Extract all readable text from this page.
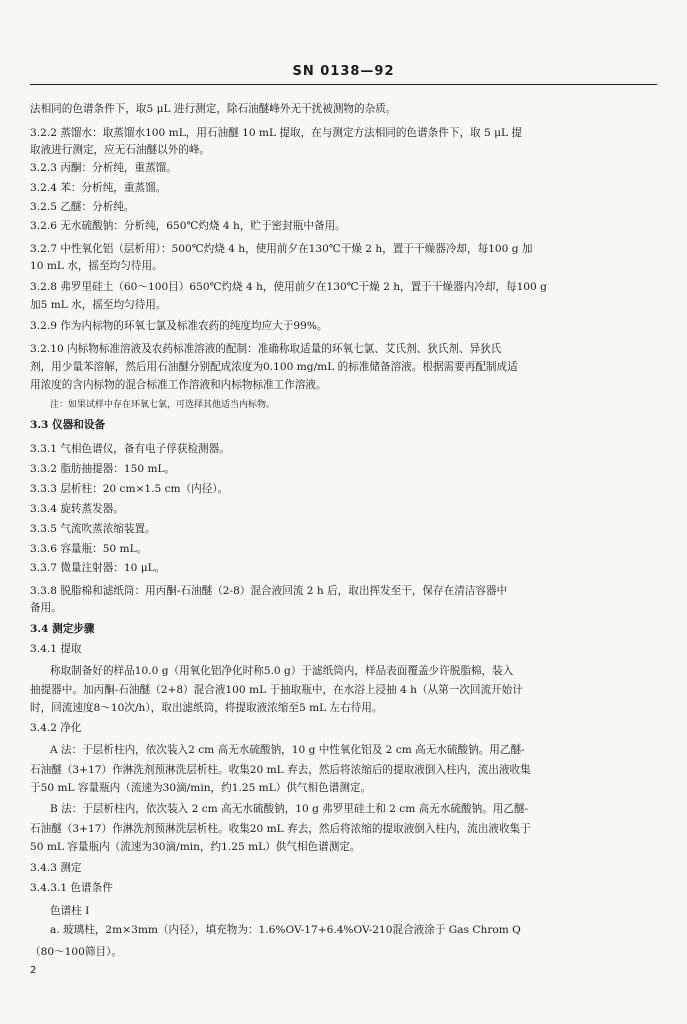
SN 0138—92
法相同的色谱条件下，取5 μL 进行测定，除石油醚峰外无干扰被测物的杂质。
3.2.2 蒸馏水：取蒸馏水100 mL，用石油醚 10 mL 提取，在与测定方法相同的色谱条件下，取 5 μL 提
取液进行测定，应无石油醚以外的峰。
3.2.3 丙酮：分析纯，重蒸馏。
3.2.4 苯：分析纯，重蒸馏。
3.2.5 乙醚：分析纯。
3.2.6 无水硫酸钠：分析纯，650℃灼烧 4 h，贮于密封瓶中备用。
3.2.7 中性氧化铝（层析用）：500℃灼烧 4 h，使用前夕在130℃干燥 2 h，置于干燥器冷却，每100 g 加
10 mL 水，摇至均匀待用。
3.2.8 弗罗里硅土（60～100目）650℃灼烧 4 h，使用前夕在130℃干燥 2 h，置于干燥器内冷却，每100 g
加5 mL 水，摇至均匀待用。
3.2.9 作为内标物的环氧七氯及标准农药的纯度均应大于99%。
3.2.10 内标物标准溶液及农药标准溶液的配制：准确称取适量的环氧七氯、艾氏剂、狄氏剂、异狄氏
剂，用少量苯溶解，然后用石油醚分别配成浓度为0.100 mg/mL 的标准储备溶液。根据需要再配制成适
用浓度的含内标物的混合标准工作溶液和内标物标准工作溶液。
注：如果试样中存在环氧七氯，可选择其他适当内标物。
3.3 仪器和设备
3.3.1 气相色谱仪，备有电子俘获检测器。
3.3.2 脂肪抽提器：150 mL。
3.3.3 层析柱：20 cm×1.5 cm（内径）。
3.3.4 旋转蒸发器。
3.3.5 气流吹蒸浓缩装置。
3.3.6 容量瓶：50 mL。
3.3.7 微量注射器：10 μL。
3.3.8 脱脂棉和滤纸筒：用丙酮-石油醚（2-8）混合液回流 2 h 后，取出挥发至干，保存在清洁容器中
备用。
3.4 测定步骤
3.4.1 提取
称取制备好的样品10.0 g（用氧化铝净化时称5.0 g）于滤纸筒内，样品表面覆盖少许脱脂棉，装入
抽提器中。加丙酮-石油醚（2+8）混合液100 mL 于抽取瓶中，在水浴上浸抽 4 h（从第一次回流开始计
时，回流速度8～10次/h），取出滤纸筒，将提取液浓缩至5 mL 左右待用。
3.4.2 净化
A 法：于层析柱内，依次装入2 cm 高无水硫酸钠，10 g 中性氧化铝及 2 cm 高无水硫酸钠。用乙醚-
石油醚（3+17）作淋洗剂预淋洗层析柱。收集20 mL 弃去，然后将浓缩后的提取液倒入柱内，流出液收集
于50 mL 容量瓶内（流速为30滴/min，约1.25 mL）供气相色谱测定。
B 法：于层析柱内，依次装入 2 cm 高无水硫酸钠，10 g 弗罗里硅土和 2 cm 高无水硫酸钠。用乙醚-
石油醚（3+17）作淋洗剂预淋洗层析柱。收集20 mL 弃去，然后将浓缩的提取液倒入柱内，流出液收集于
50 mL 容量瓶内（流速为30滴/min，约1.25 mL）供气相色谱测定。
3.4.3 测定
3.4.3.1 色谱条件
色谱柱 I
a. 玻璃柱，2m×3mm（内径），填充物为：1.6%OV-17+6.4%OV-210混合液涂于 Gas Chrom Q
（80～100筛目）。
2
